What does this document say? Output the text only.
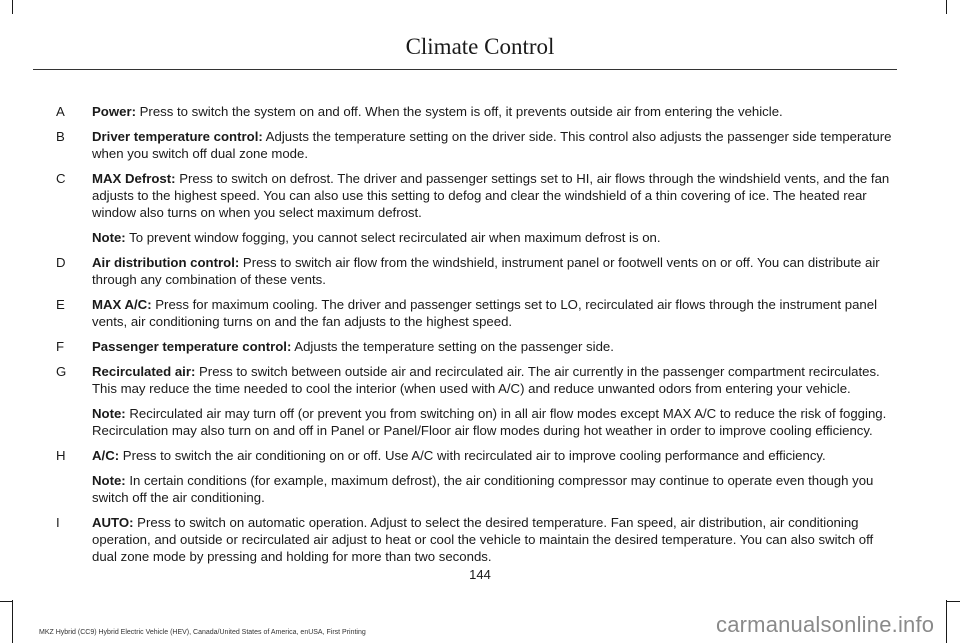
Climate Control
A	Power: Press to switch the system on and off. When the system is off, it prevents outside air from entering the vehicle.

B	Driver temperature control: Adjusts the temperature setting on the driver side. This control also adjusts the passenger side temperature when you switch off dual zone mode.

C	MAX Defrost: Press to switch on defrost. The driver and passenger settings set to HI, air flows through the windshield vents, and the fan adjusts to the highest speed. You can also use this setting to defog and clear the windshield of a thin covering of ice. The heated rear window also turns on when you select maximum defrost.

Note: To prevent window fogging, you cannot select recirculated air when maximum defrost is on.

D	Air distribution control: Press to switch air flow from the windshield, instrument panel or footwell vents on or off. You can distribute air through any combination of these vents.

E	MAX A/C: Press for maximum cooling. The driver and passenger settings set to LO, recirculated air flows through the instrument panel vents, air conditioning turns on and the fan adjusts to the highest speed.

F	Passenger temperature control: Adjusts the temperature setting on the passenger side.

G	Recirculated air: Press to switch between outside air and recirculated air. The air currently in the passenger compartment recirculates. This may reduce the time needed to cool the interior (when used with A/C) and reduce unwanted odors from entering your vehicle.

Note: Recirculated air may turn off (or prevent you from switching on) in all air flow modes except MAX A/C to reduce the risk of fogging. Recirculation may also turn on and off in Panel or Panel/Floor air flow modes during hot weather in order to improve cooling efficiency.

H	A/C: Press to switch the air conditioning on or off. Use A/C with recirculated air to improve cooling performance and efficiency.

Note: In certain conditions (for example, maximum defrost), the air conditioning compressor may continue to operate even though you switch off the air conditioning.

I	AUTO: Press to switch on automatic operation. Adjust to select the desired temperature. Fan speed, air distribution, air conditioning operation, and outside or recirculated air adjust to heat or cool the vehicle to maintain the desired temperature. You can also switch off dual zone mode by pressing and holding for more than two seconds.

144
MKZ Hybrid (CC9) Hybrid Electric Vehicle (HEV), Canada/United States of America, enUSA, First Printing	carmanualsonline.info
